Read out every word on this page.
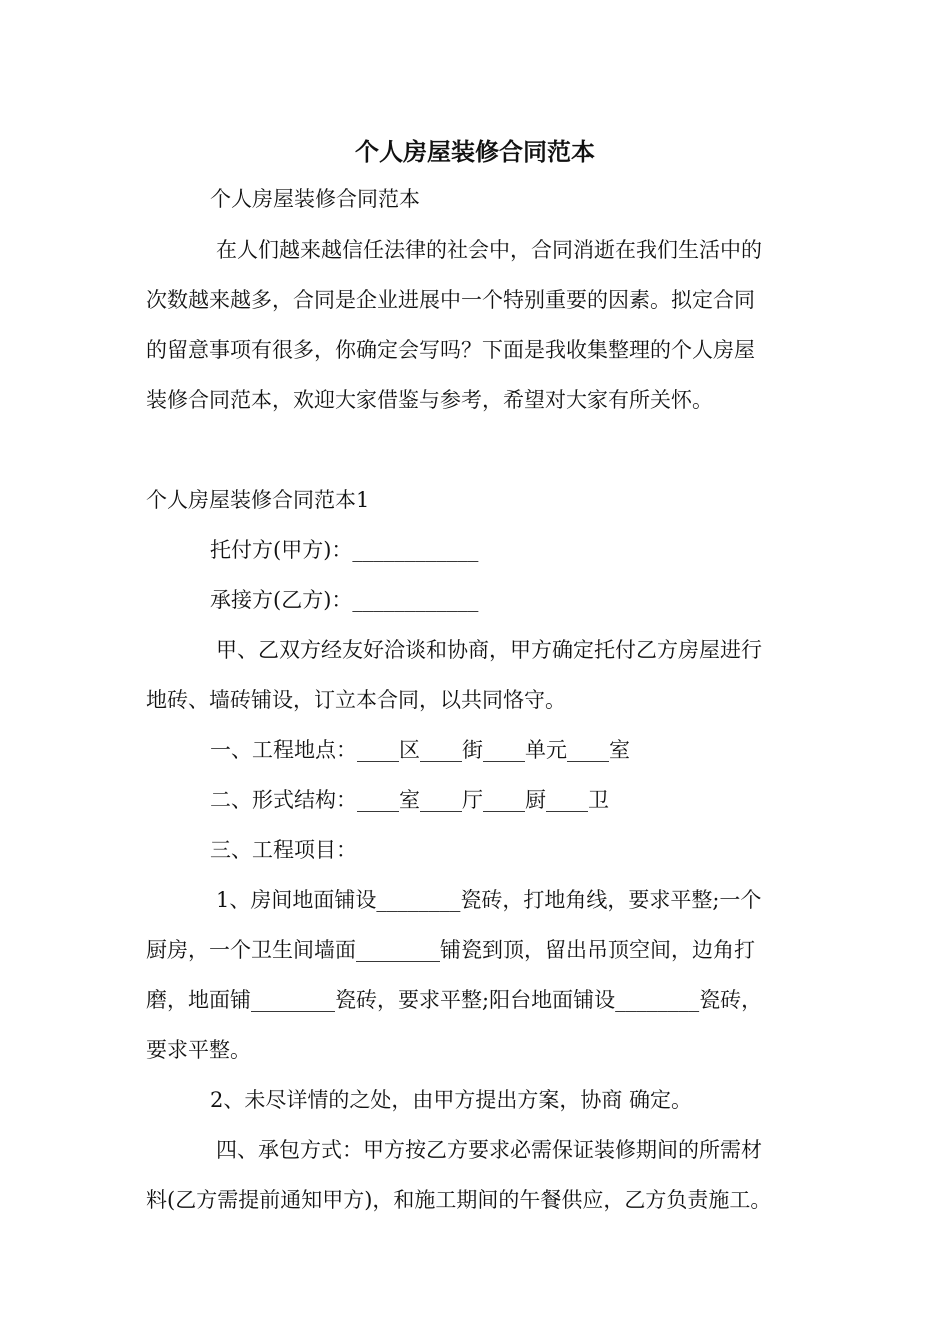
个人房屋装修合同范本
个人房屋装修合同范本
在人们越来越信任法律的社会中，合同消逝在我们生活中的
次数越来越多，合同是企业进展中一个特别重要的因素。拟定合同
的留意事项有很多，你确定会写吗？下面是我收集整理的个人房屋
装修合同范本，欢迎大家借鉴与参考，希望对大家有所关怀。
个人房屋装修合同范本1
托付方(甲方)：____________
承接方(乙方)：____________
甲、乙双方经友好洽谈和协商，甲方确定托付乙方房屋进行
地砖、墙砖铺设，订立本合同，以共同恪守。
一、工程地点：____区____街____单元____室
二、形式结构：____室____厅____厨____卫
三、工程项目：
1、房间地面铺设________瓷砖，打地角线，要求平整;一个
厨房，一个卫生间墙面________铺瓷到顶，留出吊顶空间，边角打
磨，地面铺________瓷砖，要求平整;阳台地面铺设________瓷砖，
要求平整。
2、未尽详情的之处，由甲方提出方案，协商 确定。
四、承包方式：甲方按乙方要求必需保证装修期间的所需材
料(乙方需提前通知甲方)，和施工期间的午餐供应，乙方负责施工。
